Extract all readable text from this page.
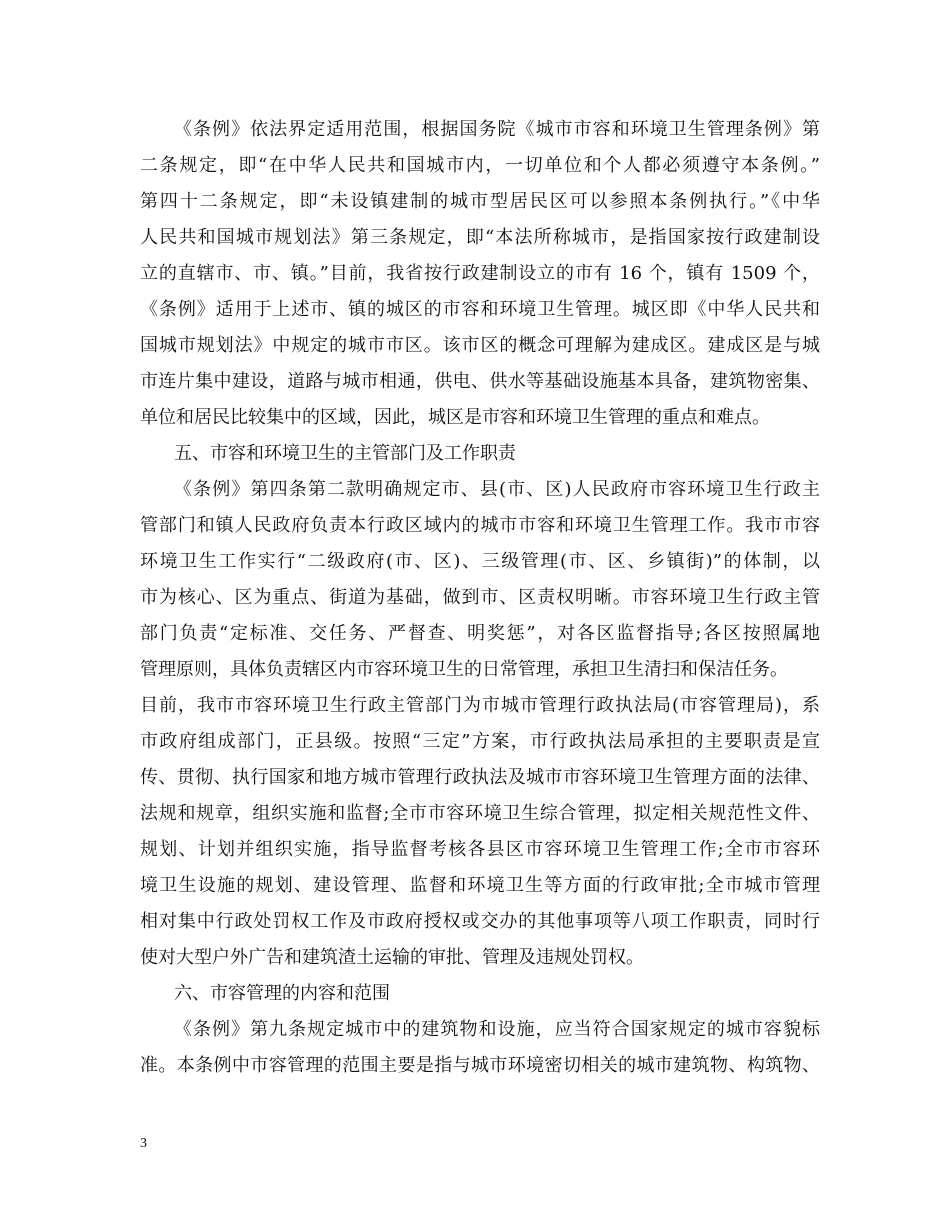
《条例》依法界定适用范围，根据国务院《城市市容和环境卫生管理条例》第
二条规定，即“在中华人民共和国城市内，一切单位和个人都必须遵守本条例。”
第四十二条规定，即“未设镇建制的城市型居民区可以参照本条例执行。”《中华
人民共和国城市规划法》第三条规定，即“本法所称城市，是指国家按行政建制设
立的直辖市、市、镇。”目前，我省按行政建制设立的市有 16 个，镇有 1509 个，
《条例》适用于上述市、镇的城区的市容和环境卫生管理。城区即《中华人民共和
国城市规划法》中规定的城市市区。该市区的概念可理解为建成区。建成区是与城
市连片集中建设，道路与城市相通，供电、供水等基础设施基本具备，建筑物密集、
单位和居民比较集中的区域，因此，城区是市容和环境卫生管理的重点和难点。
五、市容和环境卫生的主管部门及工作职责
《条例》第四条第二款明确规定市、县(市、区)人民政府市容环境卫生行政主
管部门和镇人民政府负责本行政区域内的城市市容和环境卫生管理工作。我市市容
环境卫生工作实行“二级政府(市、区)、三级管理(市、区、乡镇街)”的体制，以
市为核心、区为重点、街道为基础，做到市、区责权明晰。市容环境卫生行政主管
部门负责“定标准、交任务、严督查、明奖惩”，对各区监督指导;各区按照属地
管理原则，具体负责辖区内市容环境卫生的日常管理，承担卫生清扫和保洁任务。
目前，我市市容环境卫生行政主管部门为市城市管理行政执法局(市容管理局)，系
市政府组成部门，正县级。按照“三定”方案，市行政执法局承担的主要职责是宣
传、贯彻、执行国家和地方城市管理行政执法及城市市容环境卫生管理方面的法律、
法规和规章，组织实施和监督;全市市容环境卫生综合管理，拟定相关规范性文件、
规划、计划并组织实施，指导监督考核各县区市容环境卫生管理工作;全市市容环
境卫生设施的规划、建设管理、监督和环境卫生等方面的行政审批;全市城市管理
相对集中行政处罚权工作及市政府授权或交办的其他事项等八项工作职责，同时行
使对大型户外广告和建筑渣土运输的审批、管理及违规处罚权。
六、市容管理的内容和范围
《条例》第九条规定城市中的建筑物和设施，应当符合国家规定的城市容貌标
准。本条例中市容管理的范围主要是指与城市环境密切相关的城市建筑物、构筑物、
3
